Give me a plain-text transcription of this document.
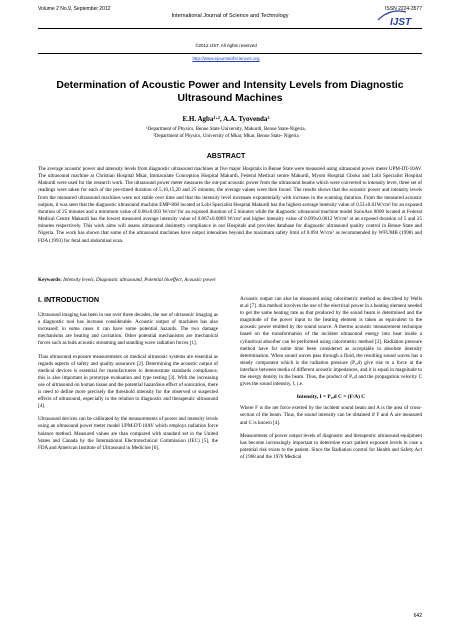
Volume 2 No.9, September 2012	ISSN 2224-3577
International Journal of Science and Technology
IJST
©2012 IJST. All rights reserved
http://www.ejournalofsciences.org
Determination of Acoustic Power and Intensity Levels from Diagnostic Ultrasound Machines
E.H. Agba¹·², A.A. Tyovenda²
¹Department of Physics, Benue State University, Makurdi, Benue State-Nigeria.
²Department of Physics, University of Mkar, Mkar, Benue State- Nigeria
ABSTRACT
The average acoustic power and intensity levels from diagnostic ultrasound machines at five major Hospitals in Benue State were measured using ultrasound power meter UPM-DT-10AV. The ultrasound machine at Christian Hospital Mkar, Immaculate Conception Hospital Makurdi, Federal Medical centre Makurdi, Myom Hospital Gboko and Lobi Specialist Hospital Makurdi were used for the research work. The ultrasound power meter measures the out-put acoustic power from the ultrasound beams which were converted to intensity level, three set of readings were taken for each of the pre-timed duration of 5,10,15,20 and 25 minutes, the average values were then found. The results shows that the acoustic power and intensity levels from the measured ultrasound machines were not stable over time and that the intensity level increases exponentially with increase in the scanning duration. From the measured acoustic outputs, it was seen that the diagnostic ultrasound machine EMP-860 located at Lobi Specialist Hospital Makurdi has the highest average intensity value of 0.51±0.01W/cm² for an exposed duration of 25 minutes and a minimum value of 0.06±0.003 W/cm² for an exposed duration of 5 minutes while the diagnostic ultrasound machine model SonoAce 8000 located at Federal Medical Centre Makurdi has the lowest measured average intensity value of 0.067±0.0009 W/cm² and higher intensity value of 0.099±0.0012 W/cm² at an exposed duration of 5 and 25 minutes respectively. This work aims will assess ultrasound dosimetry compliance in our Hospitals and provides database for diagnostic ultrasound quality control in Benue State and Nigeria. The work has shown that some of the ultrasound machines have output intensities beyond the maximum safety limit of 0.094 W/cm² as recommended by WFUMB (1998) and FDA (1993) for fetal and abdominal scan.
Keywords: Intensity levels, Diagnostic ultrasound, Potential bioeffect, Acoustic power
I. INTRODUCTION

Ultrasound imaging has been in use over three decades, the use of ultrasonic imaging as a diagnostic tool has increase considerable. Acoustic output of machines has also increased; in some cases it can have some potential hazards. The two damage mechanisms are heating and cavitation. Other potential mechanisms are mechanical forces such as bulk acoustic streaming and standing wave radiation forces [1].

Thus ultrasound exposure measurements on medical ultrasonic systems are essential as regards aspects of safety and quality assurance [2]. Determining the acoustic output of medical devices is essential for manufacturers to demonstrate standards compliance, this is also important in prototype evaluation and type testing [3]. With the increasing use of ultrasound on human tissue and the potential hazardous effect of sonication, there is need to define more precisely the threshold intensity for the observed or suspected effects of ultrasound, especially in the relation to diagnostic and therapeutic ultrasound [4].

Ultrasound devices can be calibrated by the measurements of power and intensity levels using an ultrasound power meter model UPM-DT-10AV which employs radiation force balance method. Measured values are than compared with standard set in the United States and Canada by the International Electrotechnical Commission (IEC) [5], the FDA and American Institute of Ultrasound in Medicine [6].

Acoustic output can also be measured using calorimetric method as described by Wells et.al [7]. this method involves the use of the electrical power in a heating element needed to get the same heating rate as that produced by the sound beam is determined and the magnitude of the power input to the heating element is taken as equivalent to the acoustic power emitted by the sound source. A thermo acoustic measurement technique based on the transformation of the incident ultrasound energy into heat inside a cylindrical absorber can be performed using calorimetric method [2]. Radiation pressure method have for some time been considered as acceptable in absolute intensity determination. When sound waves pass through a fluid, the resulting sound waves has a steady component which is the radiation pressure (Pᵣₐd) give rise to a force at the interface between media of different acoustic impedances, and it is equal in magnitude to the energy density in the beam. Thus, the product of Pᵣₐd and the propagation velocity C gives the sound intensity, I, i.e.

Intensity, I = Pᵣₐd C = (F/A) C

Where F is the net force exerted by the incident sound beam and A is the area of cross-section of the beam. Thus, the sound intensity can be obtained if F and A are measured and C is known [4].

Measurement of power output levels of diagnostic and therapeutic ultrasound equipment has become increasingly important to determine exact patient exposure levels in case a potential risk exists to the patient. Since the Radiation control for Health and Safety Act of 1968 and the 1976 Medical

642
